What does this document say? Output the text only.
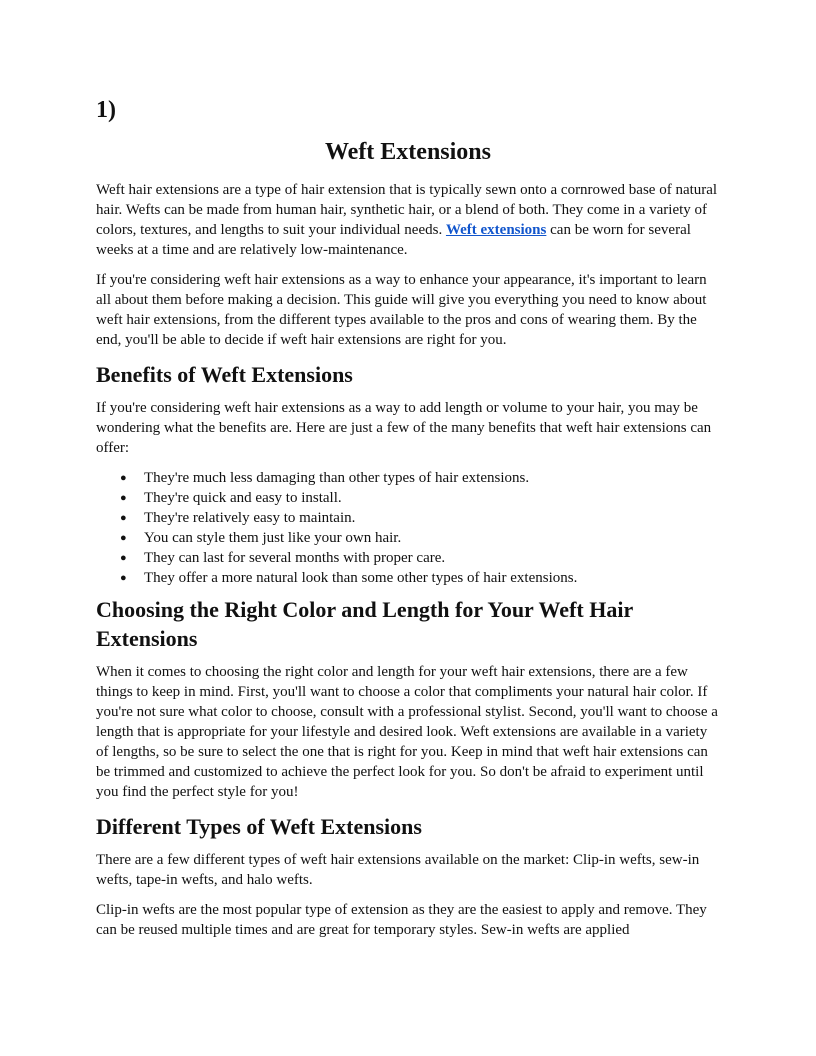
1)
Weft Extensions

Weft hair extensions are a type of hair extension that is typically sewn onto a cornrowed base of natural hair. Wefts can be made from human hair, synthetic hair, or a blend of both. They come in a variety of colors, textures, and lengths to suit your individual needs. Weft extensions can be worn for several weeks at a time and are relatively low-maintenance.

If you're considering weft hair extensions as a way to enhance your appearance, it's important to learn all about them before making a decision. This guide will give you everything you need to know about weft hair extensions, from the different types available to the pros and cons of wearing them. By the end, you'll be able to decide if weft hair extensions are right for you.

Benefits of Weft Extensions

If you're considering weft hair extensions as a way to add length or volume to your hair, you may be wondering what the benefits are. Here are just a few of the many benefits that weft hair extensions can offer:

● They're much less damaging than other types of hair extensions.
● They're quick and easy to install.
● They're relatively easy to maintain.
● You can style them just like your own hair.
● They can last for several months with proper care.
● They offer a more natural look than some other types of hair extensions.
Choosing the Right Color and Length for Your Weft Hair Extensions

When it comes to choosing the right color and length for your weft hair extensions, there are a few things to keep in mind. First, you'll want to choose a color that compliments your natural hair color. If you're not sure what color to choose, consult with a professional stylist. Second, you'll want to choose a length that is appropriate for your lifestyle and desired look. Weft extensions are available in a variety of lengths, so be sure to select the one that is right for you. Keep in mind that weft hair extensions can be trimmed and customized to achieve the perfect look for you. So don't be afraid to experiment until you find the perfect style for you!

Different Types of Weft Extensions

There are a few different types of weft hair extensions available on the market: Clip-in wefts, sew-in wefts, tape-in wefts, and halo wefts.

Clip-in wefts are the most popular type of extension as they are the easiest to apply and remove. They can be reused multiple times and are great for temporary styles. Sew-in wefts are applied
